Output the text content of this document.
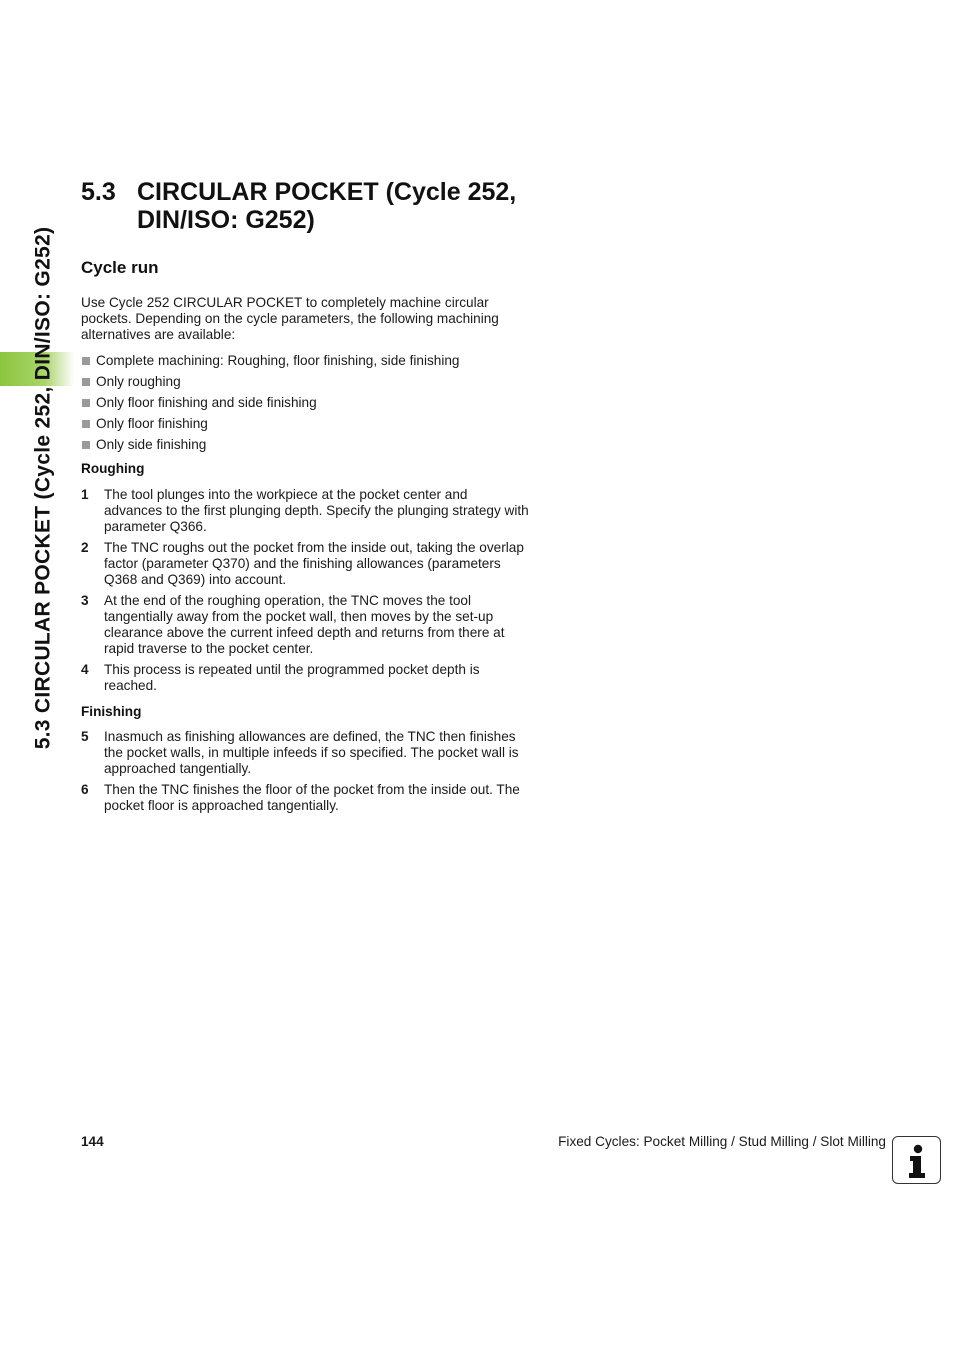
5.3 CIRCULAR POCKET (Cycle 252, DIN/ISO: G252)
5.3 CIRCULAR POCKET (Cycle 252, DIN/ISO: G252)
Cycle run

Use Cycle 252 CIRCULAR POCKET to completely machine circular pockets. Depending on the cycle parameters, the following machining alternatives are available:

Complete machining: Roughing, floor finishing, side finishing
Only roughing
Only floor finishing and side finishing
Only floor finishing
Only side finishing
Roughing
1	The tool plunges into the workpiece at the pocket center and advances to the first plunging depth. Specify the plunging strategy with parameter Q366.
2	The TNC roughs out the pocket from the inside out, taking the overlap factor (parameter Q370) and the finishing allowances (parameters Q368 and Q369) into account.
3	At the end of the roughing operation, the TNC moves the tool tangentially away from the pocket wall, then moves by the set-up clearance above the current infeed depth and returns from there at rapid traverse to the pocket center.
4	This process is repeated until the programmed pocket depth is reached.
Finishing
5	Inasmuch as finishing allowances are defined, the TNC then finishes the pocket walls, in multiple infeeds if so specified. The pocket wall is approached tangentially.
6	Then the TNC finishes the floor of the pocket from the inside out. The pocket floor is approached tangentially.
144	Fixed Cycles: Pocket Milling / Stud Milling / Slot Milling
